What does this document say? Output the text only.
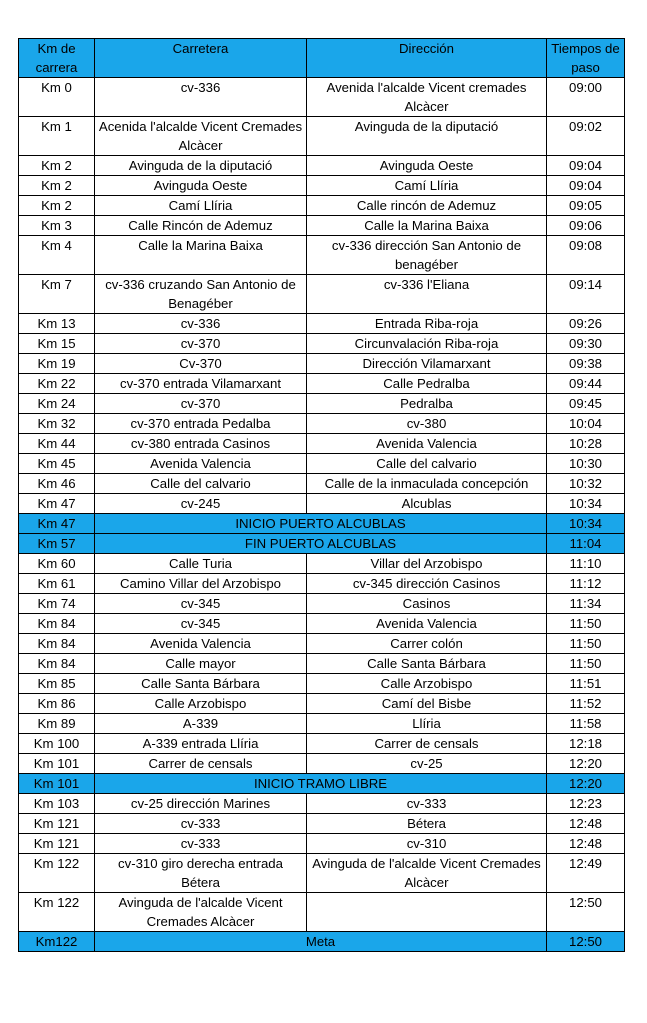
Km de carrera	Carretera	Dirección	Tiempos de paso
Km 0	cv-336	Avenida l'alcalde Vicent cremades Alcàcer	09:00
Km 1	Acenida l'alcalde Vicent Cremades Alcàcer	Avinguda de la diputació	09:02
Km 2	Avinguda de la diputació	Avinguda Oeste	09:04
Km 2	Avinguda Oeste	Camí Llíria	09:04
Km 2	Camí Llíria	Calle rincón de Ademuz	09:05
Km 3	Calle Rincón de Ademuz	Calle la Marina Baixa	09:06
Km 4	Calle la Marina Baixa	cv-336 dirección San Antonio de benagéber	09:08
Km 7	cv-336 cruzando San Antonio de Benagéber	cv-336 l'Eliana	09:14
Km 13	cv-336	Entrada Riba-roja	09:26
Km 15	cv-370	Circunvalación Riba-roja	09:30
Km 19	Cv-370	Dirección Vilamarxant	09:38
Km 22	cv-370 entrada Vilamarxant	Calle Pedralba	09:44
Km 24	cv-370	Pedralba	09:45
Km 32	cv-370 entrada Pedalba	cv-380	10:04
Km 44	cv-380 entrada Casinos	Avenida Valencia	10:28
Km 45	Avenida Valencia	Calle del calvario	10:30
Km 46	Calle del calvario	Calle de la inmaculada concepción	10:32
Km 47	cv-245	Alcublas	10:34
Km 47	INICIO PUERTO ALCUBLAS		10:34
Km 57	FIN PUERTO ALCUBLAS		11:04
Km 60	Calle Turia	Villar del Arzobispo	11:10
Km 61	Camino Villar del Arzobispo	cv-345 dirección Casinos	11:12
Km 74	cv-345	Casinos	11:34
Km 84	cv-345	Avenida Valencia	11:50
Km 84	Avenida Valencia	Carrer colón	11:50
Km 84	Calle mayor	Calle Santa Bárbara	11:50
Km 85	Calle Santa Bárbara	Calle Arzobispo	11:51
Km 86	Calle Arzobispo	Camí del Bisbe	11:52
Km 89	A-339	Llíria	11:58
Km 100	A-339 entrada Llíria	Carrer de censals	12:18
Km 101	Carrer de censals	cv-25	12:20
Km 101	INICIO TRAMO LIBRE		12:20
Km 103	cv-25 dirección Marines	cv-333	12:23
Km 121	cv-333	Bétera	12:48
Km 121	cv-333	cv-310	12:48
Km 122	cv-310 giro derecha entrada Bétera	Avinguda de l'alcalde Vicent Cremades Alcàcer	12:49
Km 122	Avinguda de l'alcalde Vicent Cremades Alcàcer		12:50
Km122	Meta		12:50
